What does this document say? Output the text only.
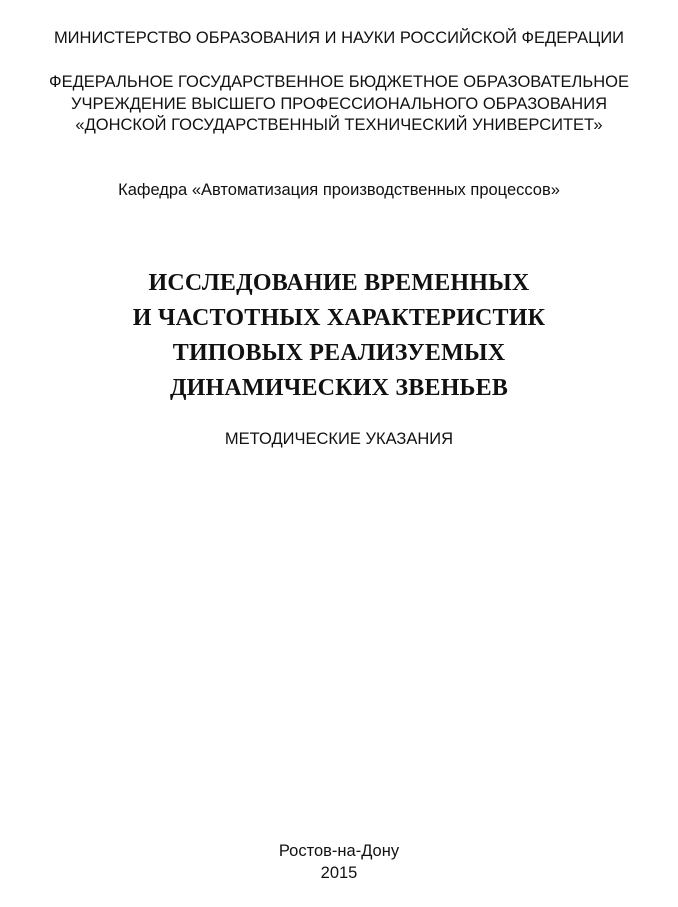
МИНИСТЕРСТВО ОБРАЗОВАНИЯ И НАУКИ РОССИЙСКОЙ ФЕДЕРАЦИИ
ФЕДЕРАЛЬНОЕ ГОСУДАРСТВЕННОЕ БЮДЖЕТНОЕ ОБРАЗОВАТЕЛЬНОЕ
УЧРЕЖДЕНИЕ ВЫСШЕГО ПРОФЕССИОНАЛЬНОГО ОБРАЗОВАНИЯ
«ДОНСКОЙ ГОСУДАРСТВЕННЫЙ ТЕХНИЧЕСКИЙ УНИВЕРСИТЕТ»
Кафедра «Автоматизация производственных процессов»
ИССЛЕДОВАНИЕ ВРЕМЕННЫХ
И ЧАСТОТНЫХ ХАРАКТЕРИСТИК
ТИПОВЫХ РЕАЛИЗУЕМЫХ
ДИНАМИЧЕСКИХ ЗВЕНЬЕВ
МЕТОДИЧЕСКИЕ УКАЗАНИЯ
Ростов-на-Дону
2015
